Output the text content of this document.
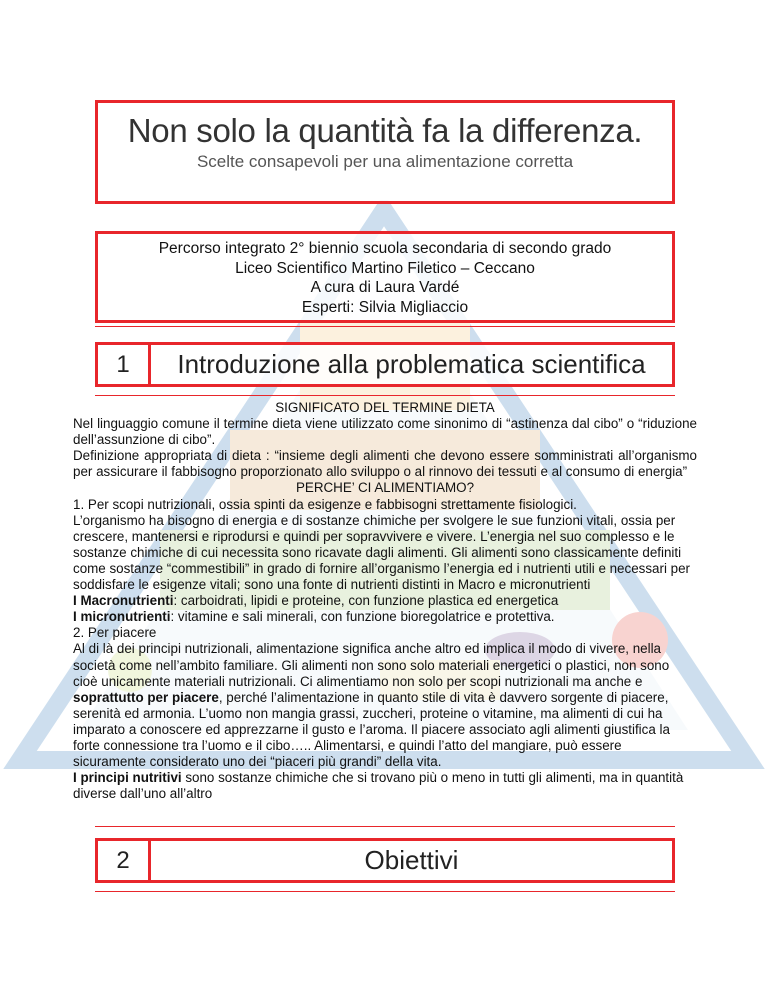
Non solo la quantità fa la differenza.
Scelte consapevoli per una alimentazione corretta
Percorso integrato 2° biennio scuola secondaria di secondo grado
Liceo Scientifico Martino Filetico – Ceccano
A cura di Laura Vardé
Esperti: Silvia Migliaccio
1	Introduzione alla problematica scientifica

SIGNIFICATO DEL TERMINE DIETA

Nel linguaggio comune il termine dieta viene utilizzato come sinonimo di “astinenza dal cibo” o “riduzione dell’assunzione di cibo”.

Definizione appropriata di dieta : “insieme degli alimenti che devono essere somministrati all’organismo per assicurare il fabbisogno proporzionato allo sviluppo o al rinnovo dei tessuti e al consumo di energia”

PERCHE’ CI ALIMENTIAMO?

1. Per scopi nutrizionali, ossia spinti da esigenze e fabbisogni strettamente fisiologici.

L’organismo ha bisogno di energia e di sostanze chimiche per svolgere le sue funzioni vitali, ossia per crescere, mantenersi e riprodursi e quindi per sopravvivere e vivere. L’energia nel suo complesso e le sostanze chimiche di cui necessita sono ricavate dagli alimenti. Gli alimenti sono classicamente definiti come sostanze “commestibili” in grado di fornire all’organismo l’energia ed i nutrienti utili e necessari per soddisfare le esigenze vitali; sono una fonte di nutrienti distinti in Macro e micronutrienti

I Macronutrienti: carboidrati, lipidi e proteine, con funzione plastica ed energetica

I micronutrienti: vitamine e sali minerali, con funzione bioregolatrice e protettiva.

2. Per piacere

Al di là dei principi nutrizionali, alimentazione significa anche altro ed implica il modo di vivere, nella società come nell’ambito familiare. Gli alimenti non sono solo materiali energetici o plastici, non sono cioè unicamente materiali nutrizionali. Ci alimentiamo non solo per scopi nutrizionali ma anche e soprattutto per piacere, perché l’alimentazione in quanto stile di vita è davvero sorgente di piacere, serenità ed armonia. L’uomo non mangia grassi, zuccheri, proteine o vitamine, ma alimenti di cui ha imparato a conoscere ed apprezzarne il gusto e l’aroma. Il piacere associato agli alimenti giustifica la forte connessione tra l’uomo e il cibo….. Alimentarsi, e quindi l’atto del mangiare, può essere sicuramente considerato uno dei “piaceri più grandi” della vita.

I principi nutritivi sono sostanze chimiche che si trovano più o meno in tutti gli alimenti, ma in quantità diverse dall’uno all’altro

2	Obiettivi
